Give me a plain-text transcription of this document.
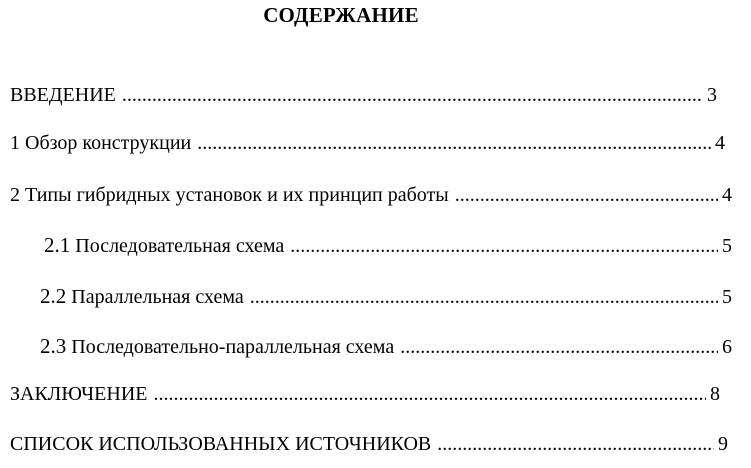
СОДЕРЖАНИЕ
ВВЕДЕНИЕ .....	3
1 Обзор конструкции .....	4
2 Типы гибридных установок и их принцип работы .....	4
2.1 Последовательная схема .....	5
2.2 Параллельная схема .....	5
2.3 Последовательно-параллельная схема .....	6
ЗАКЛЮЧЕНИЕ .....	8
СПИСОК ИСПОЛЬЗОВАННЫХ ИСТОЧНИКОВ .....	9
